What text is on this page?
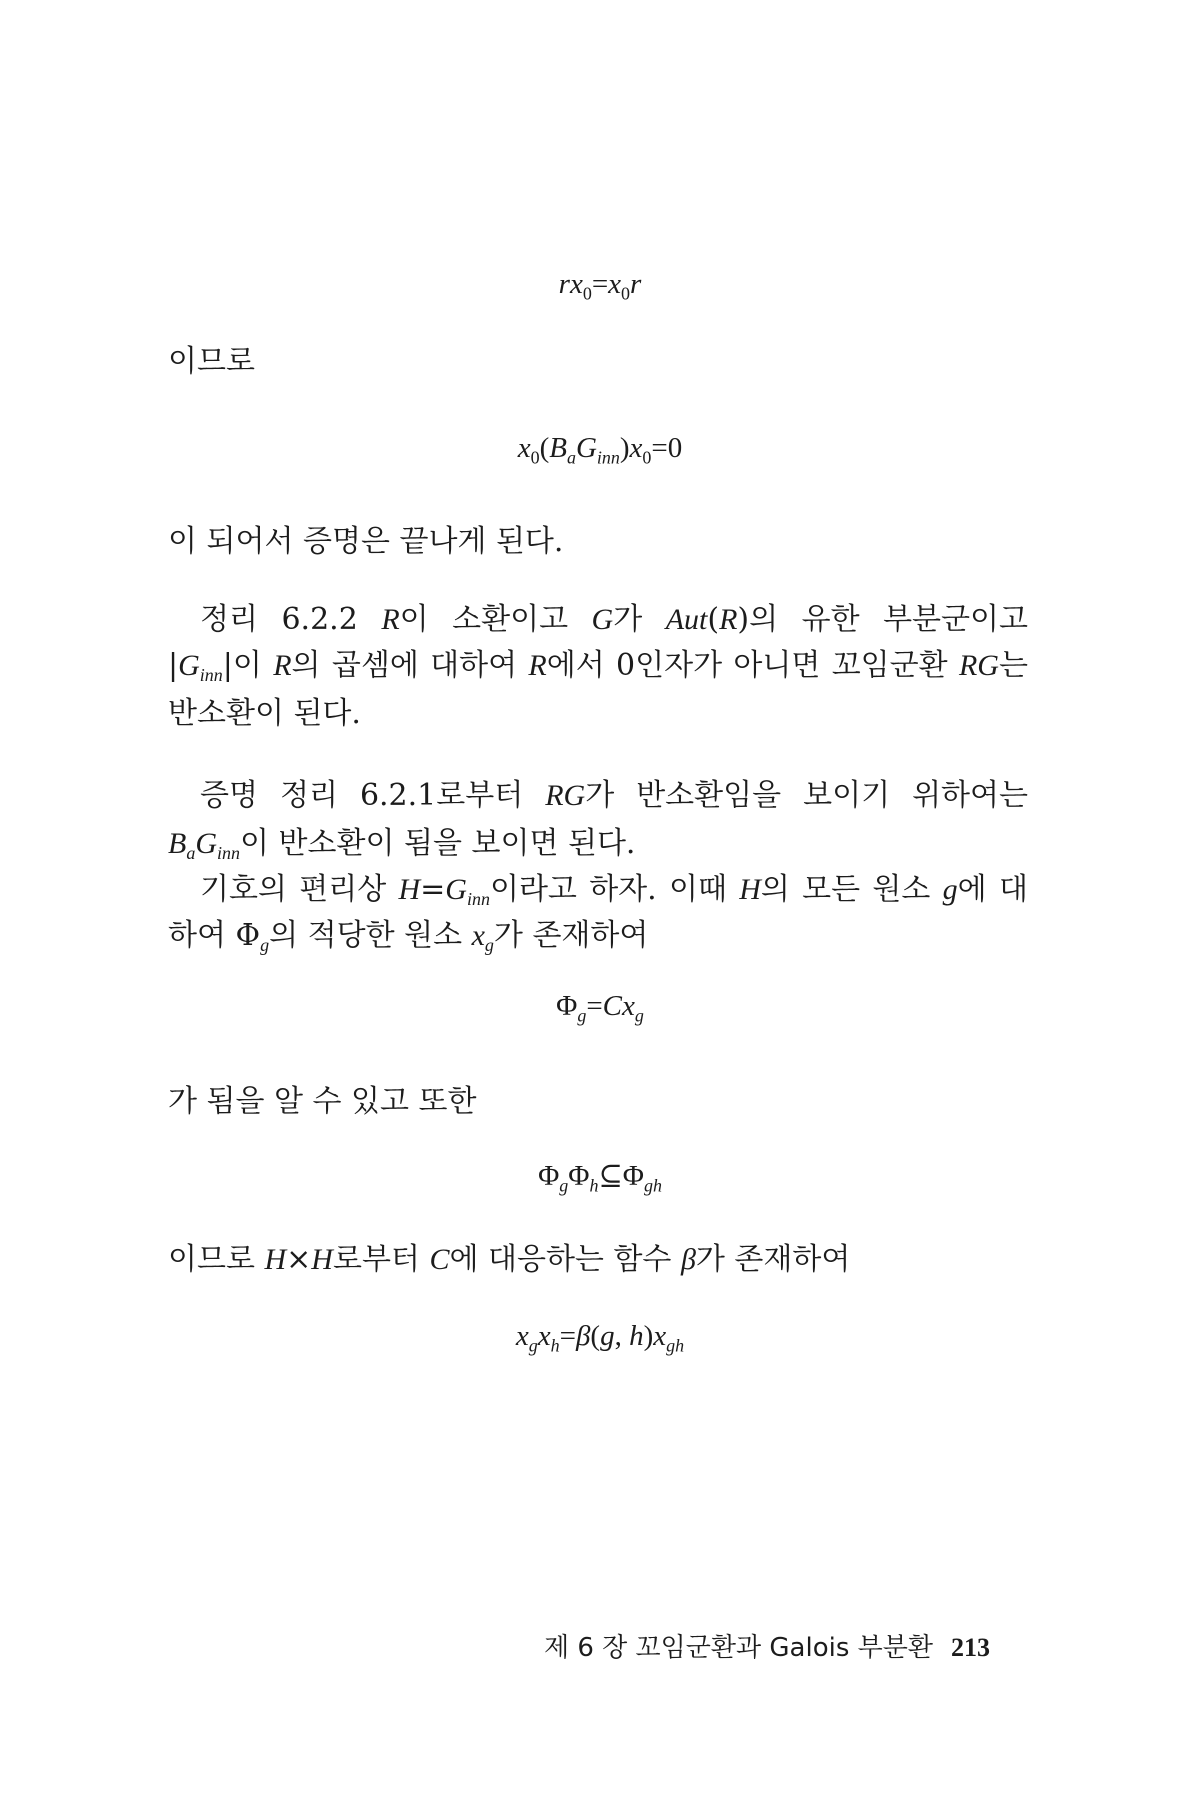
$rx_0=x_0r$
이므로
$x_0(B_aG_{inn})x_0=0$
이 되어서 증명은 끝나게 된다.
정리 6.2.2 R이 소환이고 G가 Aut(R)의 유한 부분군이고
$|G_{inn}|$이 R의 곱셈에 대하여 R에서 0인자가 아니면 꼬임군환 RG는
반소환이 된다.
증명 정리 6.2.1로부터 RG가 반소환임을 보이기 위하여는
$B_aG_{inn}$이 반소환이 됨을 보이면 된다.
기호의 편리상 $H=G_{inn}$이라고 하자. 이때 H의 모든 원소 g에 대
하여 $\Phi_g$의 적당한 원소 $x_g$가 존재하여
$\Phi_g=Cx_g$
가 됨을 알 수 있고 또한
$\Phi_g\Phi_h⊆\Phi_{gh}$
이므로 H×H로부터 C에 대응하는 함수 β가 존재하여
$x_gx_h=\beta(g$, $h)x_{gh}$
제 6 장 꼬임군환과 Galois 부분환 213
